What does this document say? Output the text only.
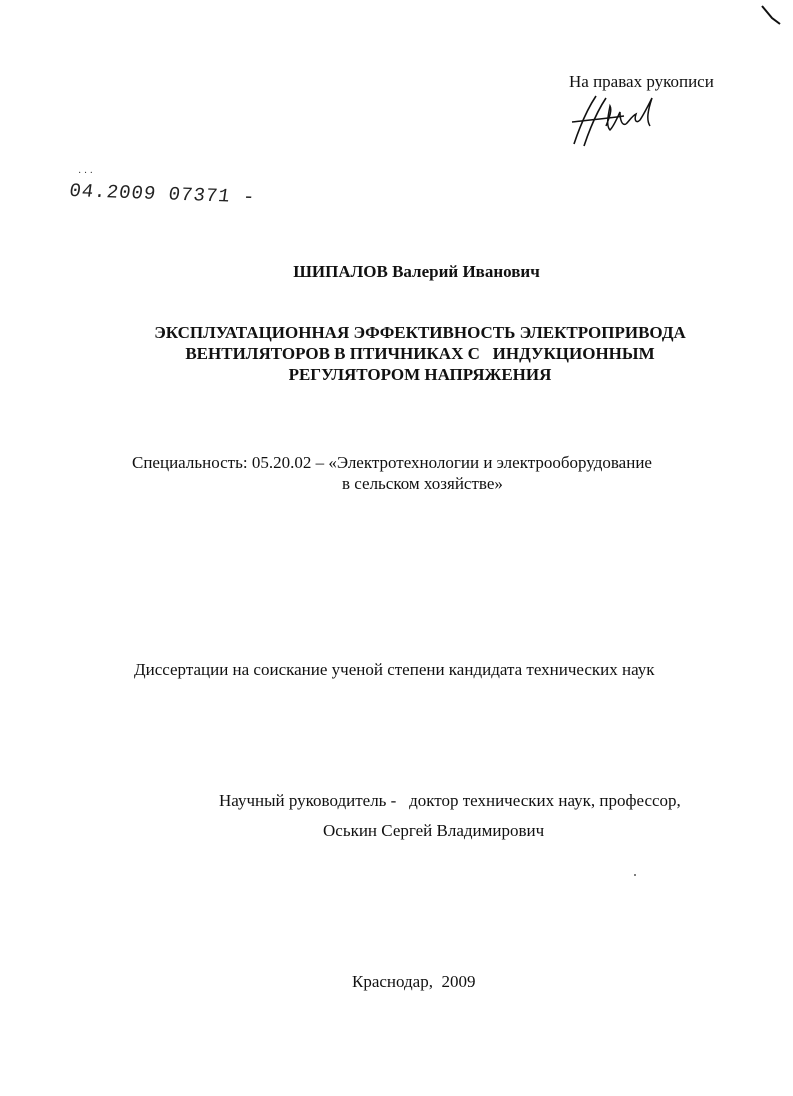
На правах рукописи
· · ·
04.2009 07371 -
ШИПАЛОВ Валерий Иванович
ЭКСПЛУАТАЦИОННАЯ ЭФФЕКТИВНОСТЬ ЭЛЕКТРОПРИВОДА
ВЕНТИЛЯТОРОВ В ПТИЧНИКАХ С   ИНДУКЦИОННЫМ
РЕГУЛЯТОРОМ НАПРЯЖЕНИЯ
Специальность: 05.20.02 – «Электротехнологии и электрооборудование
в сельском хозяйстве»
Диссертации на соискание ученой степени кандидата технических наук
Научный руководитель -   доктор технических наук, профессор,
Оськин Сергей Владимирович
Краснодар,  2009
